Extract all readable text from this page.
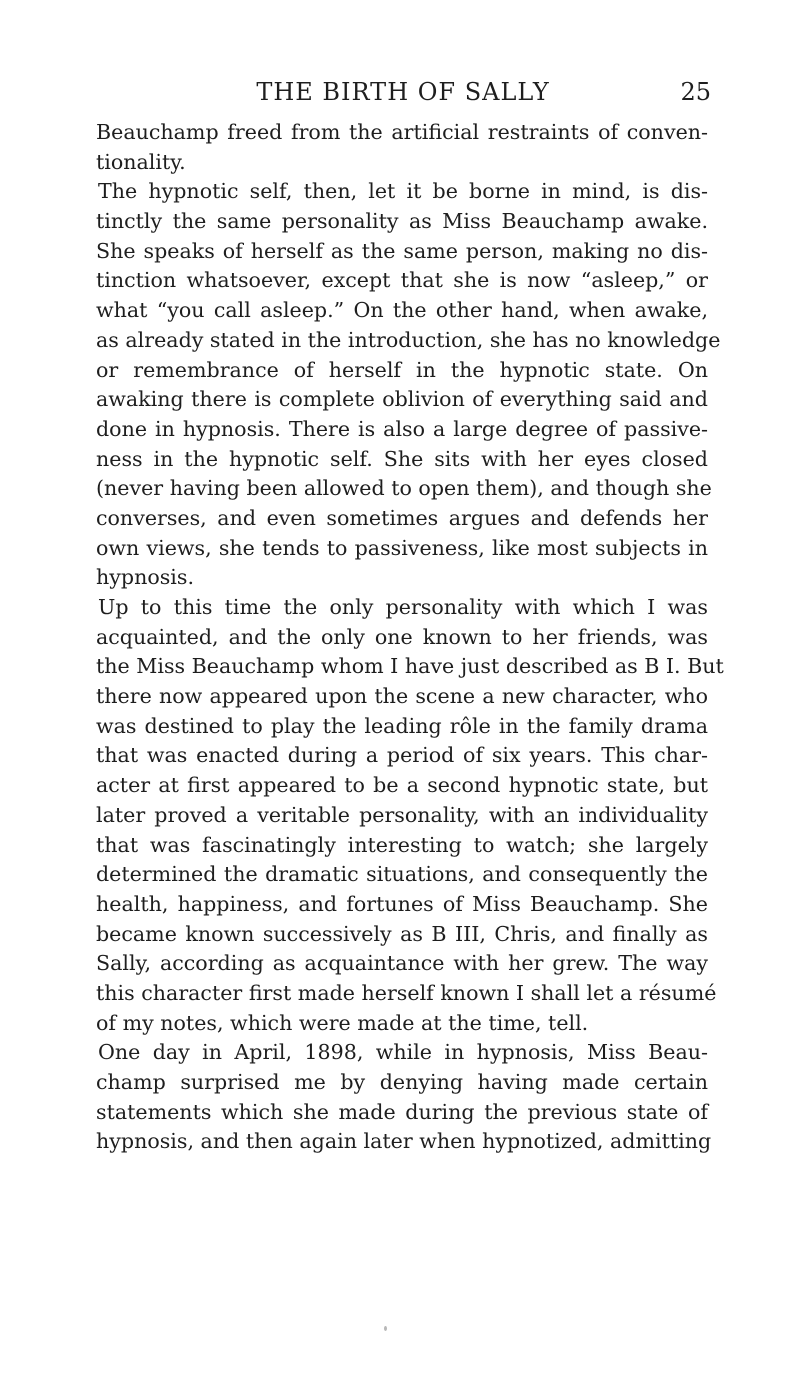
THE BIRTH OF SALLY	25
Beauchamp freed from the artificial restraints of conven-
tionality.
The hypnotic self, then, let it be borne in mind, is dis-
tinctly the same personality as Miss Beauchamp awake.
She speaks of herself as the same person, making no dis-
tinction whatsoever, except that she is now “asleep,” or
what “you call asleep.” On the other hand, when awake,
as already stated in the introduction, she has no knowledge
or remembrance of herself in the hypnotic state. On
awaking there is complete oblivion of everything said and
done in hypnosis. There is also a large degree of passive-
ness in the hypnotic self. She sits with her eyes closed
(never having been allowed to open them), and though she
converses, and even sometimes argues and defends her
own views, she tends to passiveness, like most subjects in
hypnosis.
Up to this time the only personality with which I was
acquainted, and the only one known to her friends, was
the Miss Beauchamp whom I have just described as B I. But
there now appeared upon the scene a new character, who
was destined to play the leading rôle in the family drama
that was enacted during a period of six years. This char-
acter at first appeared to be a second hypnotic state, but
later proved a veritable personality, with an individuality
that was fascinatingly interesting to watch; she largely
determined the dramatic situations, and consequently the
health, happiness, and fortunes of Miss Beauchamp. She
became known successively as B III, Chris, and finally as
Sally, according as acquaintance with her grew. The way
this character first made herself known I shall let a résumé
of my notes, which were made at the time, tell.
One day in April, 1898, while in hypnosis, Miss Beau-
champ surprised me by denying having made certain
statements which she made during the previous state of
hypnosis, and then again later when hypnotized, admitting
